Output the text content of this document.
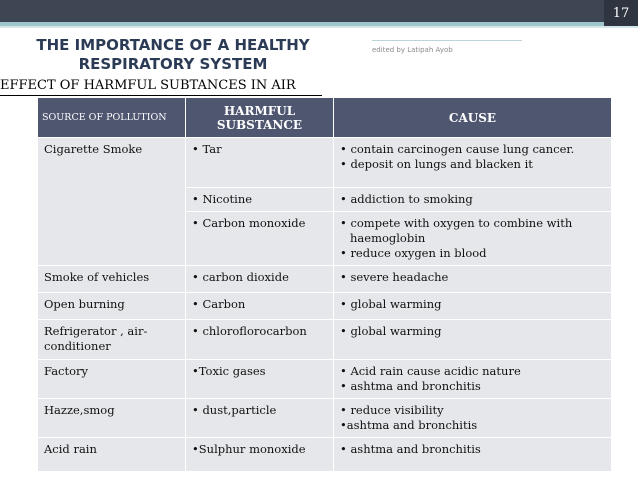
17
THE IMPORTANCE OF A HEALTHY RESPIRATORY SYSTEM
edited by Latipah Ayob
EFFECT OF HARMFUL SUBTANCES IN AIR
SOURCE OF POLLUTION	HARMFUL SUBSTANCE	CAUSE
Cigarette Smoke	• Tar	• contain carcinogen cause lung cancer.
• deposit on lungs and blacken it

	• Nicotine	• addiction to smoking

	• Carbon monoxide	• compete with oxygen to combine with
haemoglobin
• reduce oxygen in blood

Smoke of vehicles	• carbon dioxide	• severe headache

Open burning	• Carbon	• global warming

Refrigerator , air-conditioner	• chloroflorocarbon	• global warming

Factory	•Toxic gases	• Acid rain cause acidic nature
• ashtma and bronchitis

Hazze,smog	• dust,particle	• reduce visibility
•ashtma and bronchitis

Acid rain	•Sulphur monoxide	• ashtma and bronchitis
